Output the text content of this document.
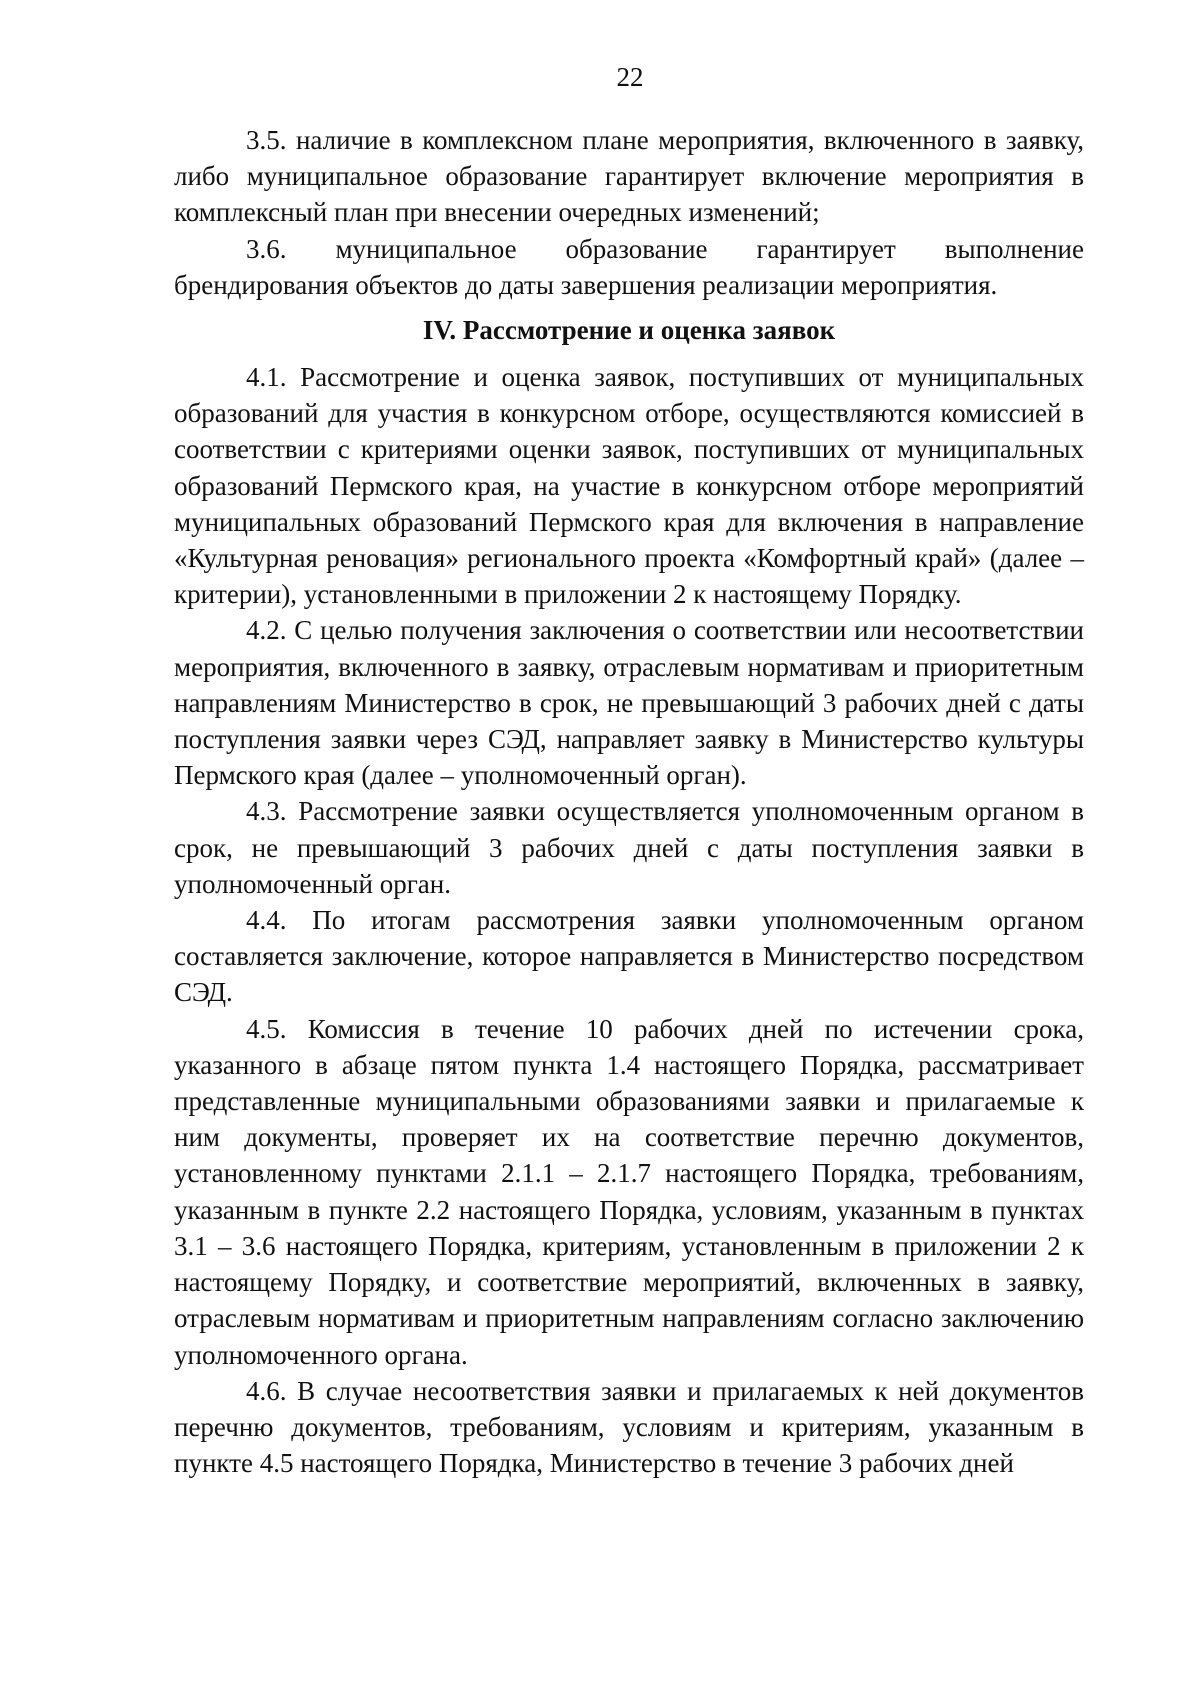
22

3.5. наличие в комплексном плане мероприятия, включенного в заявку, либо муниципальное образование гарантирует включение мероприятия в комплексный план при внесении очередных изменений;

3.6. муниципальное образование гарантирует выполнение брендирования объектов до даты завершения реализации мероприятия.

IV. Рассмотрение и оценка заявок

4.1. Рассмотрение и оценка заявок, поступивших от муниципальных образований для участия в конкурсном отборе, осуществляются комиссией в соответствии с критериями оценки заявок, поступивших от муниципальных образований Пермского края, на участие в конкурсном отборе мероприятий муниципальных образований Пермского края для включения в направление «Культурная реновация» регионального проекта «Комфортный край» (далее – критерии), установленными в приложении 2 к настоящему Порядку.

4.2. С целью получения заключения о соответствии или несоответствии мероприятия, включенного в заявку, отраслевым нормативам и приоритетным направлениям Министерство в срок, не превышающий 3 рабочих дней с даты поступления заявки через СЭД, направляет заявку в Министерство культуры Пермского края (далее – уполномоченный орган).

4.3. Рассмотрение заявки осуществляется уполномоченным органом в срок, не превышающий 3 рабочих дней с даты поступления заявки в уполномоченный орган.

4.4. По итогам рассмотрения заявки уполномоченным органом составляется заключение, которое направляется в Министерство посредством СЭД.

4.5. Комиссия в течение 10 рабочих дней по истечении срока, указанного в абзаце пятом пункта 1.4 настоящего Порядка, рассматривает представленные муниципальными образованиями заявки и прилагаемые к ним документы, проверяет их на соответствие перечню документов, установленному пунктами 2.1.1 – 2.1.7 настоящего Порядка, требованиям, указанным в пункте 2.2 настоящего Порядка, условиям, указанным в пунктах 3.1 – 3.6 настоящего Порядка, критериям, установленным в приложении 2 к настоящему Порядку, и соответствие мероприятий, включенных в заявку, отраслевым нормативам и приоритетным направлениям согласно заключению уполномоченного органа.

4.6. В случае несоответствия заявки и прилагаемых к ней документов перечню документов, требованиям, условиям и критериям, указанным в пункте 4.5 настоящего Порядка, Министерство в течение 3 рабочих дней
